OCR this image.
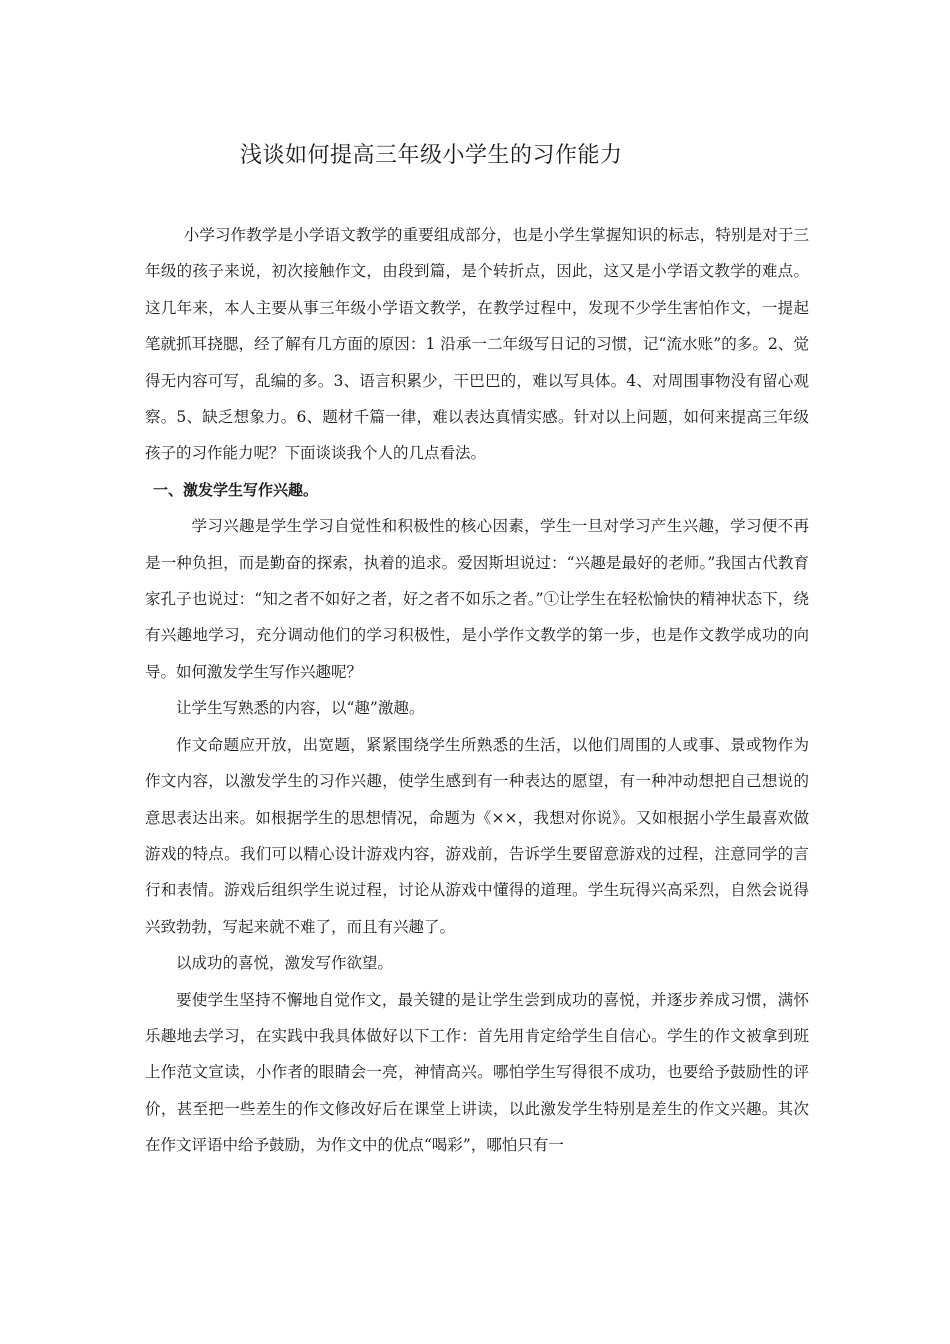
浅谈如何提高三年级小学生的习作能力

小学习作教学是小学语文教学的重要组成部分，也是小学生掌握知识的标志，特别是对于三年级的孩子来说，初次接触作文，由段到篇，是个转折点，因此，这又是小学语文教学的难点。这几年来，本人主要从事三年级小学语文教学，在教学过程中，发现不少学生害怕作文，一提起笔就抓耳挠腮，经了解有几方面的原因：1 沿承一二年级写日记的习惯，记“流水账”的多。2、觉得无内容可写，乱编的多。3、语言积累少，干巴巴的，难以写具体。4、对周围事物没有留心观察。5、缺乏想象力。6、题材千篇一律，难以表达真情实感。针对以上问题，如何来提高三年级孩子的习作能力呢？下面谈谈我个人的几点看法。

一、激发学生写作兴趣。

学习兴趣是学生学习自觉性和积极性的核心因素，学生一旦对学习产生兴趣，学习便不再是一种负担，而是勤奋的探索，执着的追求。爱因斯坦说过：“兴趣是最好的老师。”我国古代教育家孔子也说过：“知之者不如好之者，好之者不如乐之者。”①让学生在轻松愉快的精神状态下，绕有兴趣地学习，充分调动他们的学习积极性，是小学作文教学的第一步，也是作文教学成功的向导。如何激发学生写作兴趣呢？

让学生写熟悉的内容，以“趣”激趣。

作文命题应开放，出宽题，紧紧围绕学生所熟悉的生活，以他们周围的人或事、景或物作为作文内容，以激发学生的习作兴趣，使学生感到有一种表达的愿望，有一种冲动想把自己想说的意思表达出来。如根据学生的思想情况，命题为《××，我想对你说》。又如根据小学生最喜欢做游戏的特点。我们可以精心设计游戏内容，游戏前，告诉学生要留意游戏的过程，注意同学的言行和表情。游戏后组织学生说过程，讨论从游戏中懂得的道理。学生玩得兴高采烈，自然会说得兴致勃勃，写起来就不难了，而且有兴趣了。

以成功的喜悦，激发写作欲望。

要使学生坚持不懈地自觉作文，最关键的是让学生尝到成功的喜悦，并逐步养成习惯，满怀乐趣地去学习，在实践中我具体做好以下工作：首先用肯定给学生自信心。学生的作文被拿到班上作范文宣读，小作者的眼睛会一亮，神情高兴。哪怕学生写得很不成功，也要给予鼓励性的评价，甚至把一些差生的作文修改好后在课堂上讲读，以此激发学生特别是差生的作文兴趣。其次在作文评语中给予鼓励，为作文中的优点“喝彩”，哪怕只有一
